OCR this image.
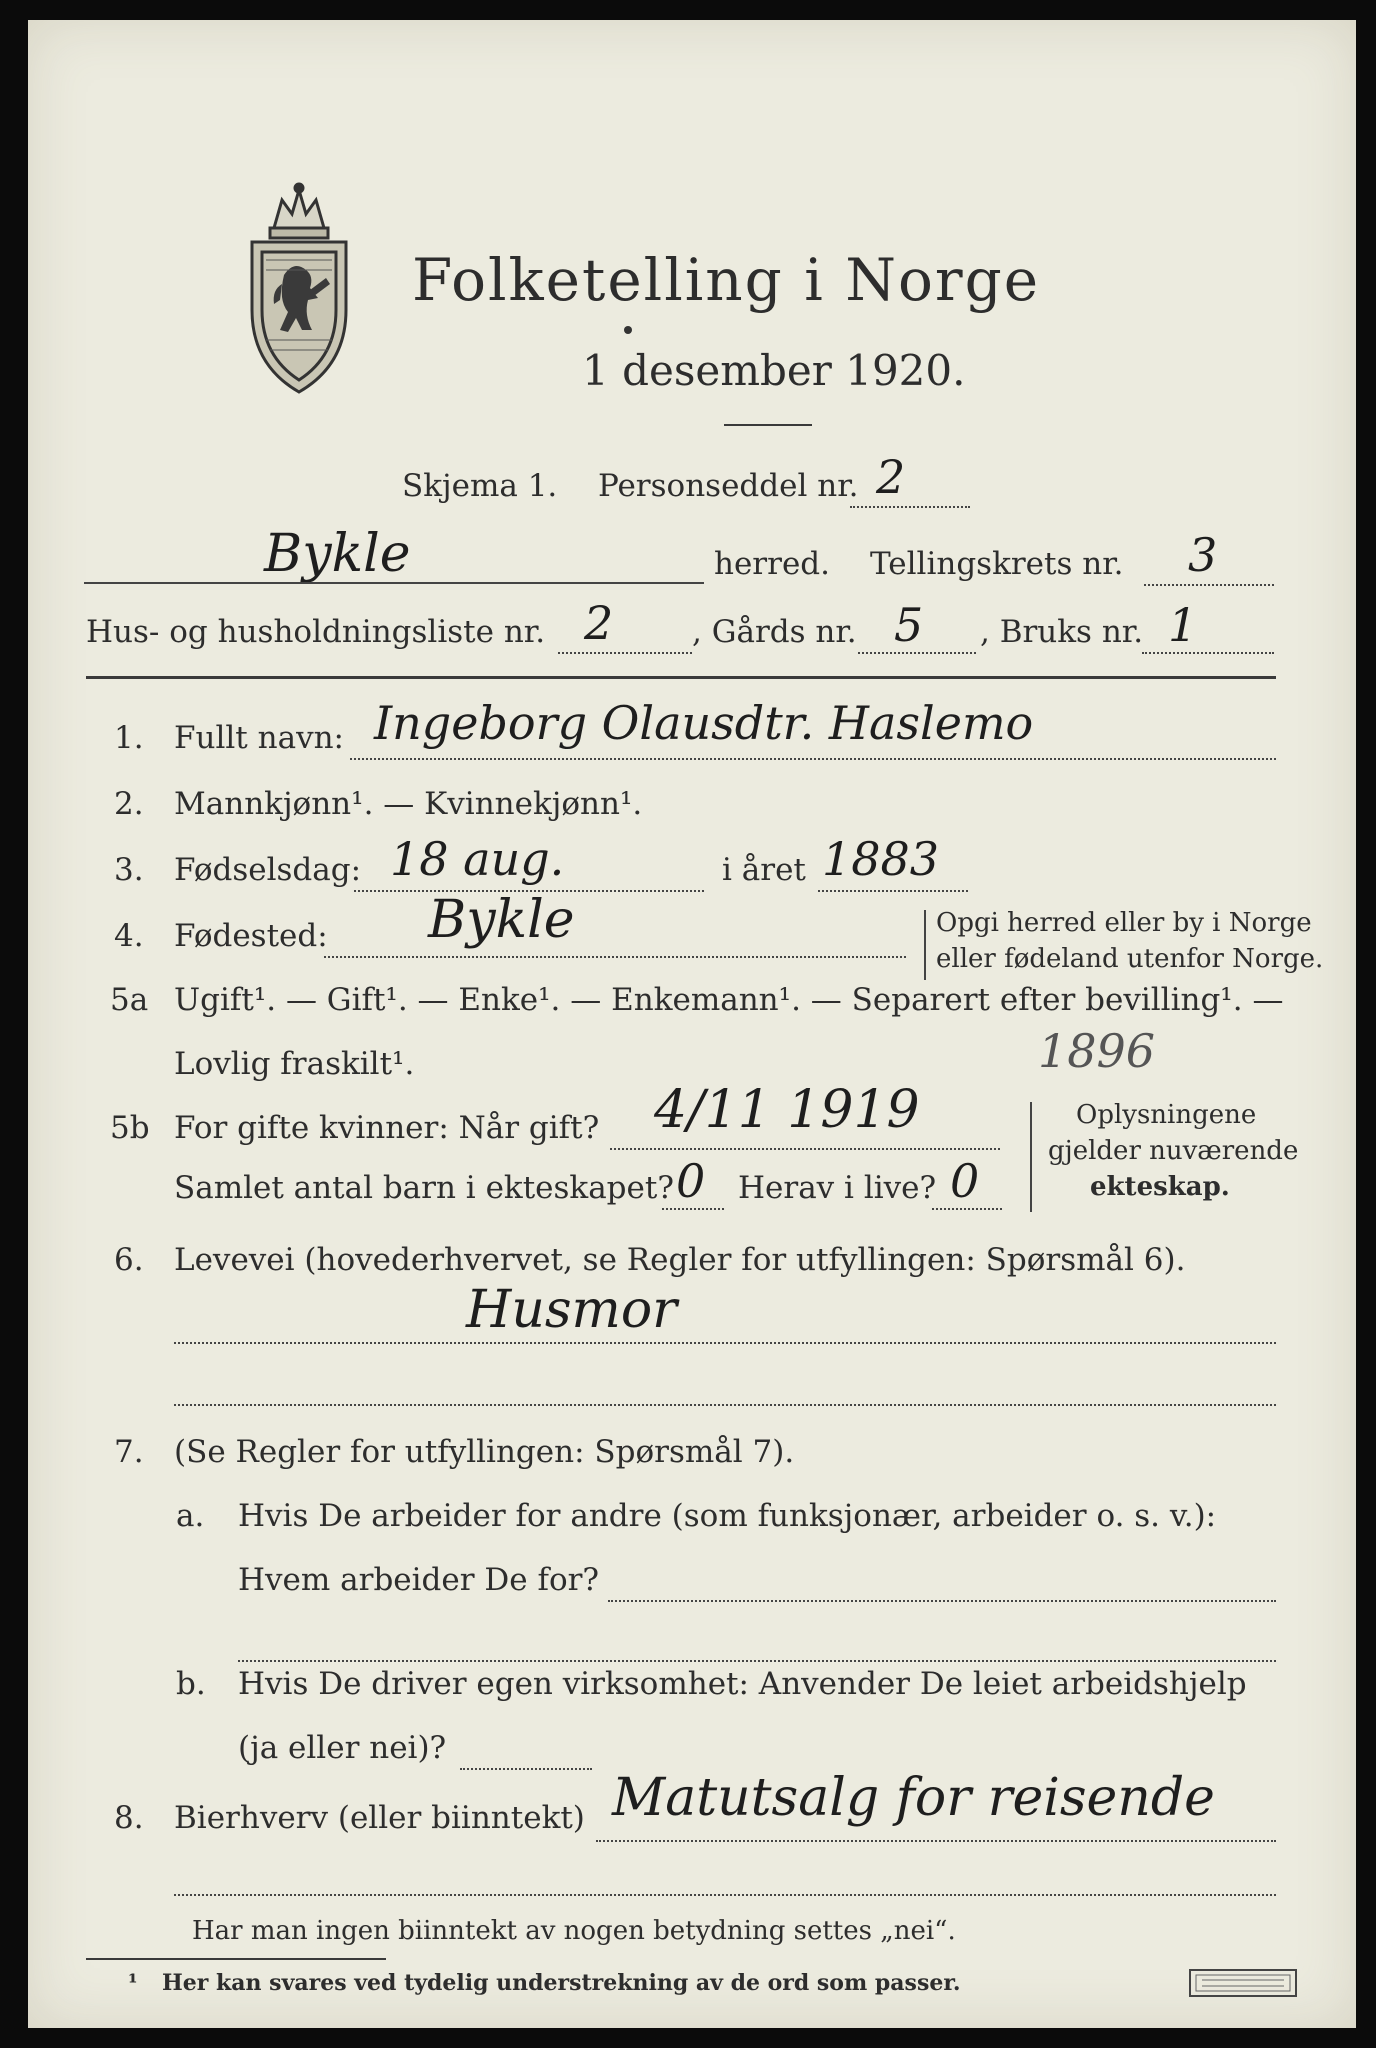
Folketelling i Norge
1 desember 1920.
Skjema 1. Personseddel nr. 2
Bykle	herred. Tellingskrets nr. 3
Hus- og husholdningsliste nr. 2	, Gårds nr. 5 , Bruks nr. 1
1. Fullt navn: Ingeborg Olausdtr. Haslemo
2. Mannkjønn¹. — Kvinnekjønn¹.
3. Fødselsdag: 18 aug.	i året 1883
4. Fødested: Bykle	Opgi herred eller by i Norge
eller fødeland utenfor Norge.
5a Ugift¹. — Gift¹. — Enke¹. — Enkemann¹. — Separert efter bevilling¹. —
Lovlig fraskilt¹.	1896
5b For gifte kvinner: Når gift? 4/11 1919
Samlet antal barn i ekteskapet? 0 Herav i live? 0
Oplysningene
gjelder nuværende
ekteskap.
6. Levevei (hovederhvervet, se Regler for utfyllingen: Spørsmål 6).
Husmor
7. (Se Regler for utfyllingen: Spørsmål 7).
a. Hvis De arbeider for andre (som funksjonær, arbeider o. s. v.):
Hvem arbeider De for?
b. Hvis De driver egen virksomhet: Anvender De leiet arbeidshjelp
(ja eller nei)?
8. Bierhverv (eller biinntekt) Matutsalg for reisende
Har man ingen biinntekt av nogen betydning settes „nei“.
¹ Her kan svares ved tydelig understrekning av de ord som passer.
